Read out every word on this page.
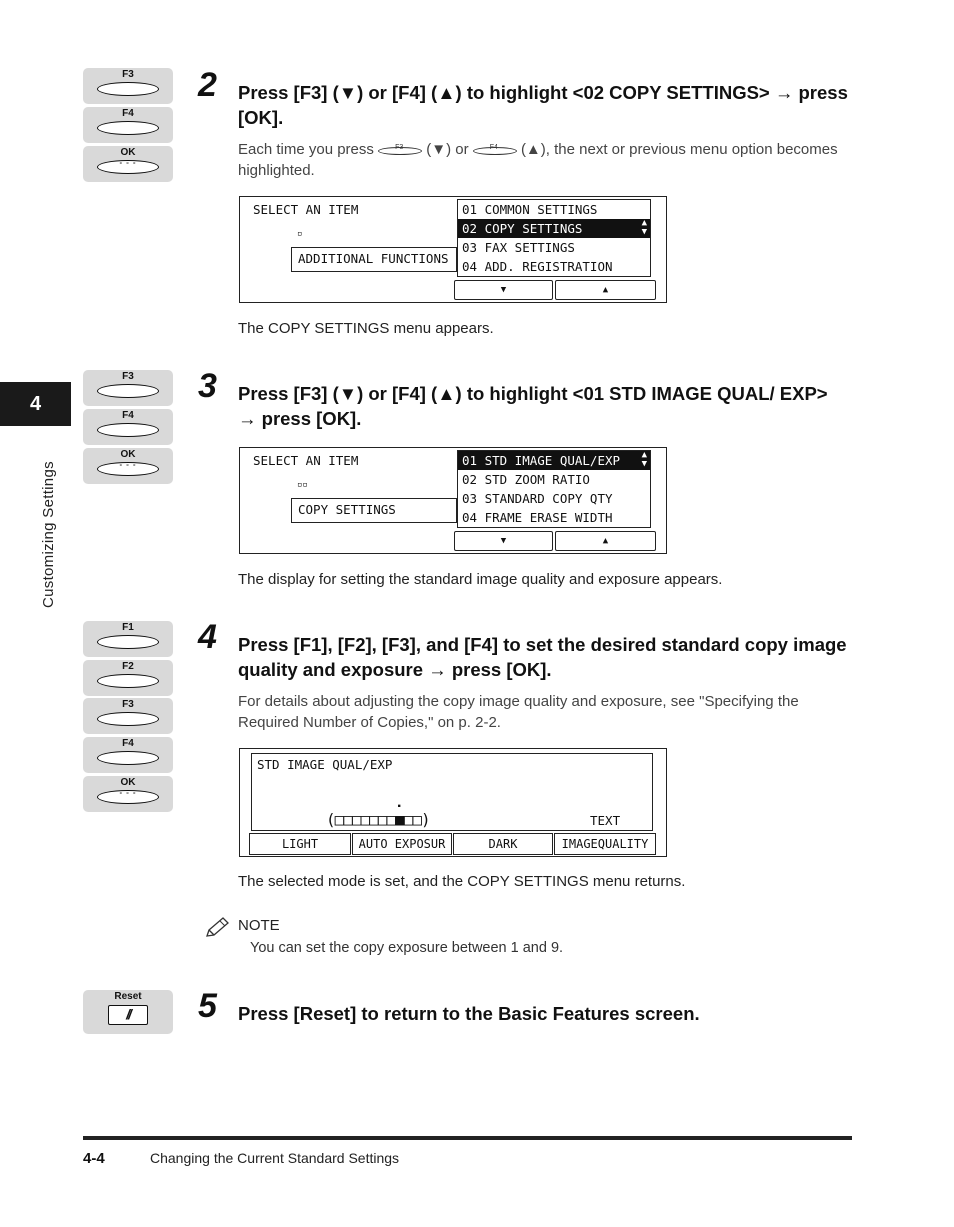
4
Customizing Settings
F3
F4
OK
° ° °
2 Press [F3] (▼) or [F4] (▲) to highlight <02 COPY SETTINGS> → press [OK].
Each time you press	F3 (▼) or	F4 (▲), the next or previous menu option becomes highlighted.
SELECT AN ITEM
▫
ADDITIONAL FUNCTIONS
01 COMMON SETTINGS
02 COPY SETTINGS	▲
▼
03 FAX SETTINGS
04 ADD. REGISTRATION
▼	▲
The COPY SETTINGS menu appears.
F3
F4
OK
° ° °
3 Press [F3] (▼) or [F4] (▲) to highlight <01 STD IMAGE QUAL/ EXP> → press [OK].
SELECT AN ITEM
▫▫
COPY SETTINGS
01 STD IMAGE QUAL/EXP ▲
▼
02 STD ZOOM RATIO
03 STANDARD COPY QTY
04 FRAME ERASE WIDTH
▼	▲
The display for setting the standard image quality and exposure appears.
F1
F2
F3
F4
OK
° ° °
4 Press [F1], [F2], [F3], and [F4] to set the desired standard copy image quality and exposure → press [OK].
For details about adjusting the copy image quality and exposure, see "Specifying the Required Number of Copies," on p. 2-2.
STD IMAGE QUAL/EXP
■
(□□□□□□□■□□)	TEXT
LIGHT	AUTO EXPOSUR	DARK	IMAGEQUALITY
The selected mode is set, and the COPY SETTINGS menu returns.
NOTE
You can set the copy exposure between 1 and 9.
Reset
//	5 Press [Reset] to return to the Basic Features screen.
4-4	Changing the Current Standard Settings
